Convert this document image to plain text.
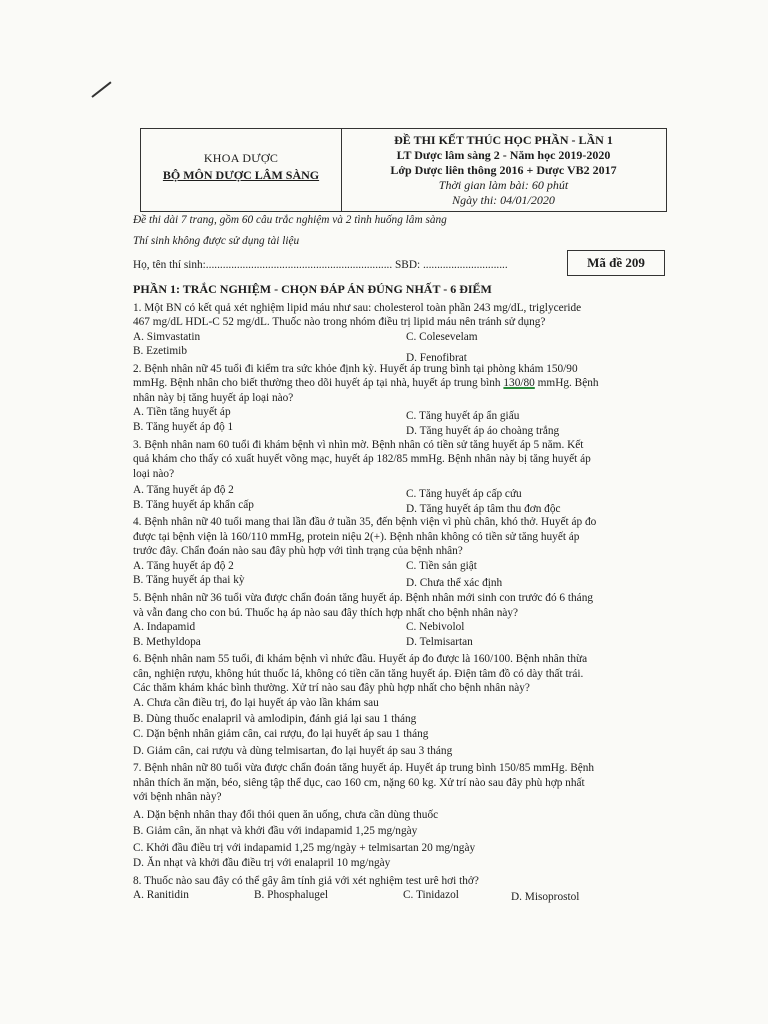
KHOA DƯỢC
BỘ MÔN DƯỢC LÂM SÀNG
ĐỀ THI KẾT THÚC HỌC PHẦN - LẦN 1
LT Dược lâm sàng 2 - Năm học 2019-2020
Lớp Dược liên thông 2016 + Dược VB2 2017
Thời gian làm bài: 60 phút
Ngày thi: 04/01/2020
Đề thi dài 7 trang, gồm 60 câu trắc nghiệm và 2 tình huống lâm sàng
Thí sinh không được sử dụng tài liệu
Họ, tên thí sinh:.................................................................. SBD: ..............................	Mã đề 209
PHẦN 1: TRẮC NGHIỆM - CHỌN ĐÁP ÁN ĐÚNG NHẤT - 6 ĐIỂM
1. Một BN có kết quả xét nghiệm lipid máu như sau: cholesterol toàn phần 243 mg/dL, triglyceride
467 mg/dL HDL-C 52 mg/dL. Thuốc nào trong nhóm điều trị lipid máu nên tránh sử dụng?
A. Simvastatin	C. Colesevelam
B. Ezetimib
D. Fenofibrat
2. Bệnh nhân nữ 45 tuổi đi kiểm tra sức khỏe định kỳ. Huyết áp trung bình tại phòng khám 150/90
mmHg. Bệnh nhân cho biết thường theo dõi huyết áp tại nhà, huyết áp trung bình 130/80 mmHg. Bệnh
nhân này bị tăng huyết áp loại nào?
A. Tiền tăng huyết áp	C. Tăng huyết áp ẩn giấu
B. Tăng huyết áp độ 1	D. Tăng huyết áp áo choàng trắng
3. Bệnh nhân nam 60 tuổi đi khám bệnh vì nhìn mờ. Bệnh nhân có tiền sử tăng huyết áp 5 năm. Kết
quả khám cho thấy có xuất huyết võng mạc, huyết áp 182/85 mmHg. Bệnh nhân này bị tăng huyết áp
loại nào?
A. Tăng huyết áp độ 2	C. Tăng huyết áp cấp cứu
B. Tăng huyết áp khẩn cấp	D. Tăng huyết áp tâm thu đơn độc
4. Bệnh nhân nữ 40 tuổi mang thai lần đầu ở tuần 35, đến bệnh viện vì phù chân, khó thở. Huyết áp đo
được tại bệnh viện là 160/110 mmHg, protein niệu 2(+). Bệnh nhân không có tiền sử tăng huyết áp
trước đây. Chẩn đoán nào sau đây phù hợp với tình trạng của bệnh nhân?
A. Tăng huyết áp độ 2	C. Tiền sản giật
B. Tăng huyết áp thai kỳ	D. Chưa thể xác định
5. Bệnh nhân nữ 36 tuổi vừa được chẩn đoán tăng huyết áp. Bệnh nhân mới sinh con trước đó 6 tháng
và vẫn đang cho con bú. Thuốc hạ áp nào sau đây thích hợp nhất cho bệnh nhân này?
A. Indapamid	C. Nebivolol
B. Methyldopa	D. Telmisartan
6. Bệnh nhân nam 55 tuổi, đi khám bệnh vì nhức đầu. Huyết áp đo được là 160/100. Bệnh nhân thừa
cân, nghiện rượu, không hút thuốc lá, không có tiền căn tăng huyết áp. Điện tâm đồ có dày thất trái.
Các thăm khám khác bình thường. Xử trí nào sau đây phù hợp nhất cho bệnh nhân này?
A. Chưa cần điều trị, đo lại huyết áp vào lần khám sau
B. Dùng thuốc enalapril và amlodipin, đánh giá lại sau 1 tháng
C. Dặn bệnh nhân giảm cân, cai rượu, đo lại huyết áp sau 1 tháng
D. Giảm cân, cai rượu và dùng telmisartan, đo lại huyết áp sau 3 tháng
7. Bệnh nhân nữ 80 tuổi vừa được chẩn đoán tăng huyết áp. Huyết áp trung bình 150/85 mmHg. Bệnh
nhân thích ăn mặn, béo, siêng tập thể dục, cao 160 cm, nặng 60 kg. Xử trí nào sau đây phù hợp nhất
với bệnh nhân này?
A. Dặn bệnh nhân thay đổi thói quen ăn uống, chưa cần dùng thuốc
B. Giảm cân, ăn nhạt và khởi đầu với indapamid 1,25 mg/ngày
C. Khởi đầu điều trị với indapamid 1,25 mg/ngày + telmisartan 20 mg/ngày
D. Ăn nhạt và khởi đầu điều trị với enalapril 10 mg/ngày
8. Thuốc nào sau đây có thể gây âm tính giả với xét nghiệm test urê hơi thở?
A. Ranitidin	B. Phosphalugel	C. Tinidazol	D. Misoprostol
